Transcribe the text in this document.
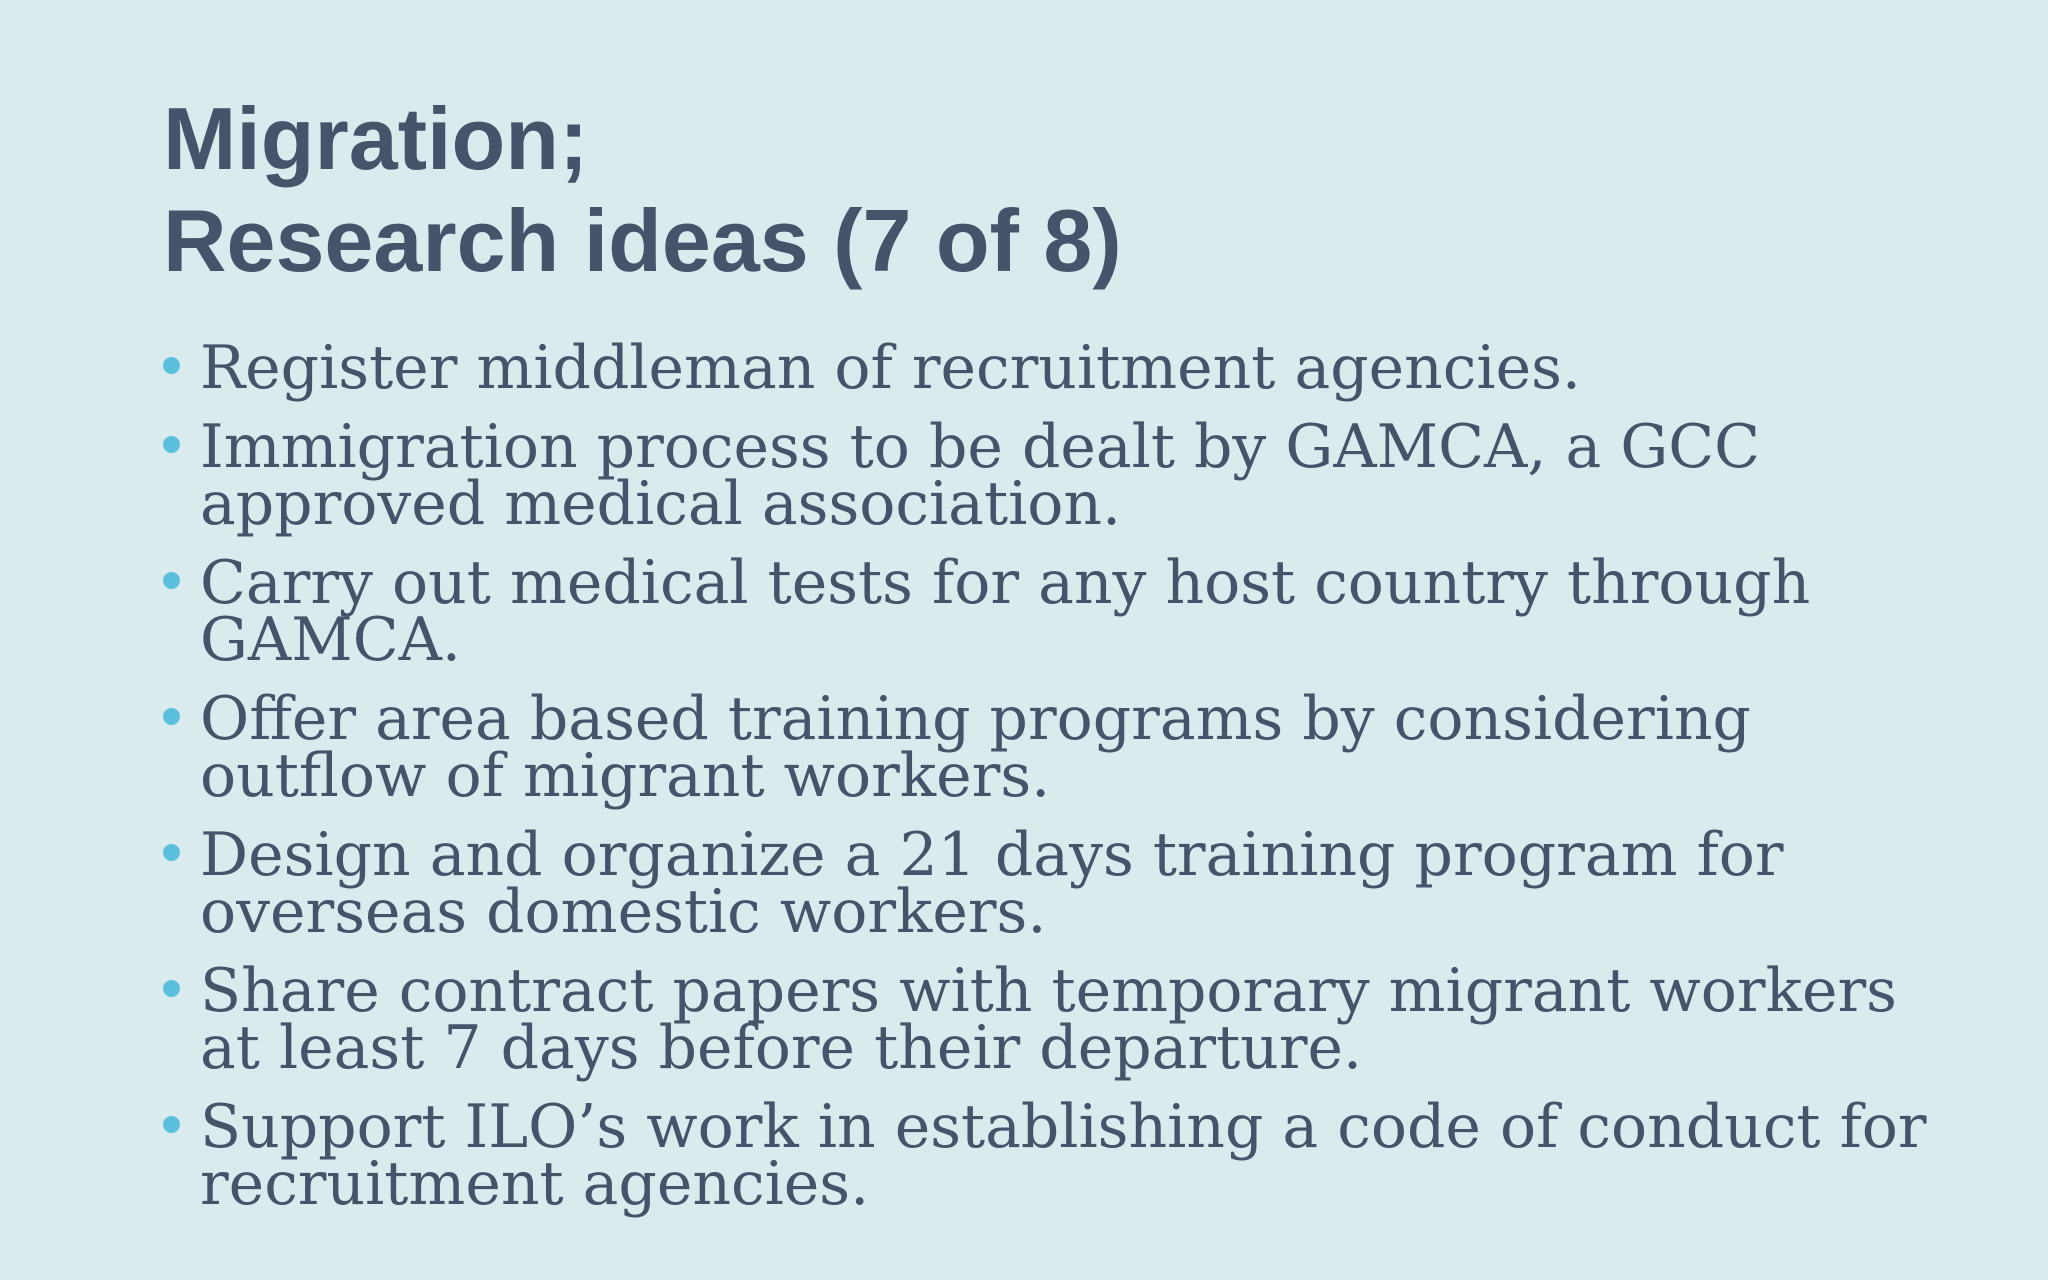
Migration;
Research ideas (7 of 8)
Register middleman of recruitment agencies.
Immigration process to be dealt by GAMCA, a GCC
approved medical association.
Carry out medical tests for any host country through
GAMCA.
Offer area based training programs by considering
outflow of migrant workers.
Design and organize a 21 days training program for
overseas domestic workers.
Share contract papers with temporary migrant workers
at least 7 days before their departure.
Support ILO’s work in establishing a code of conduct for
recruitment agencies.
